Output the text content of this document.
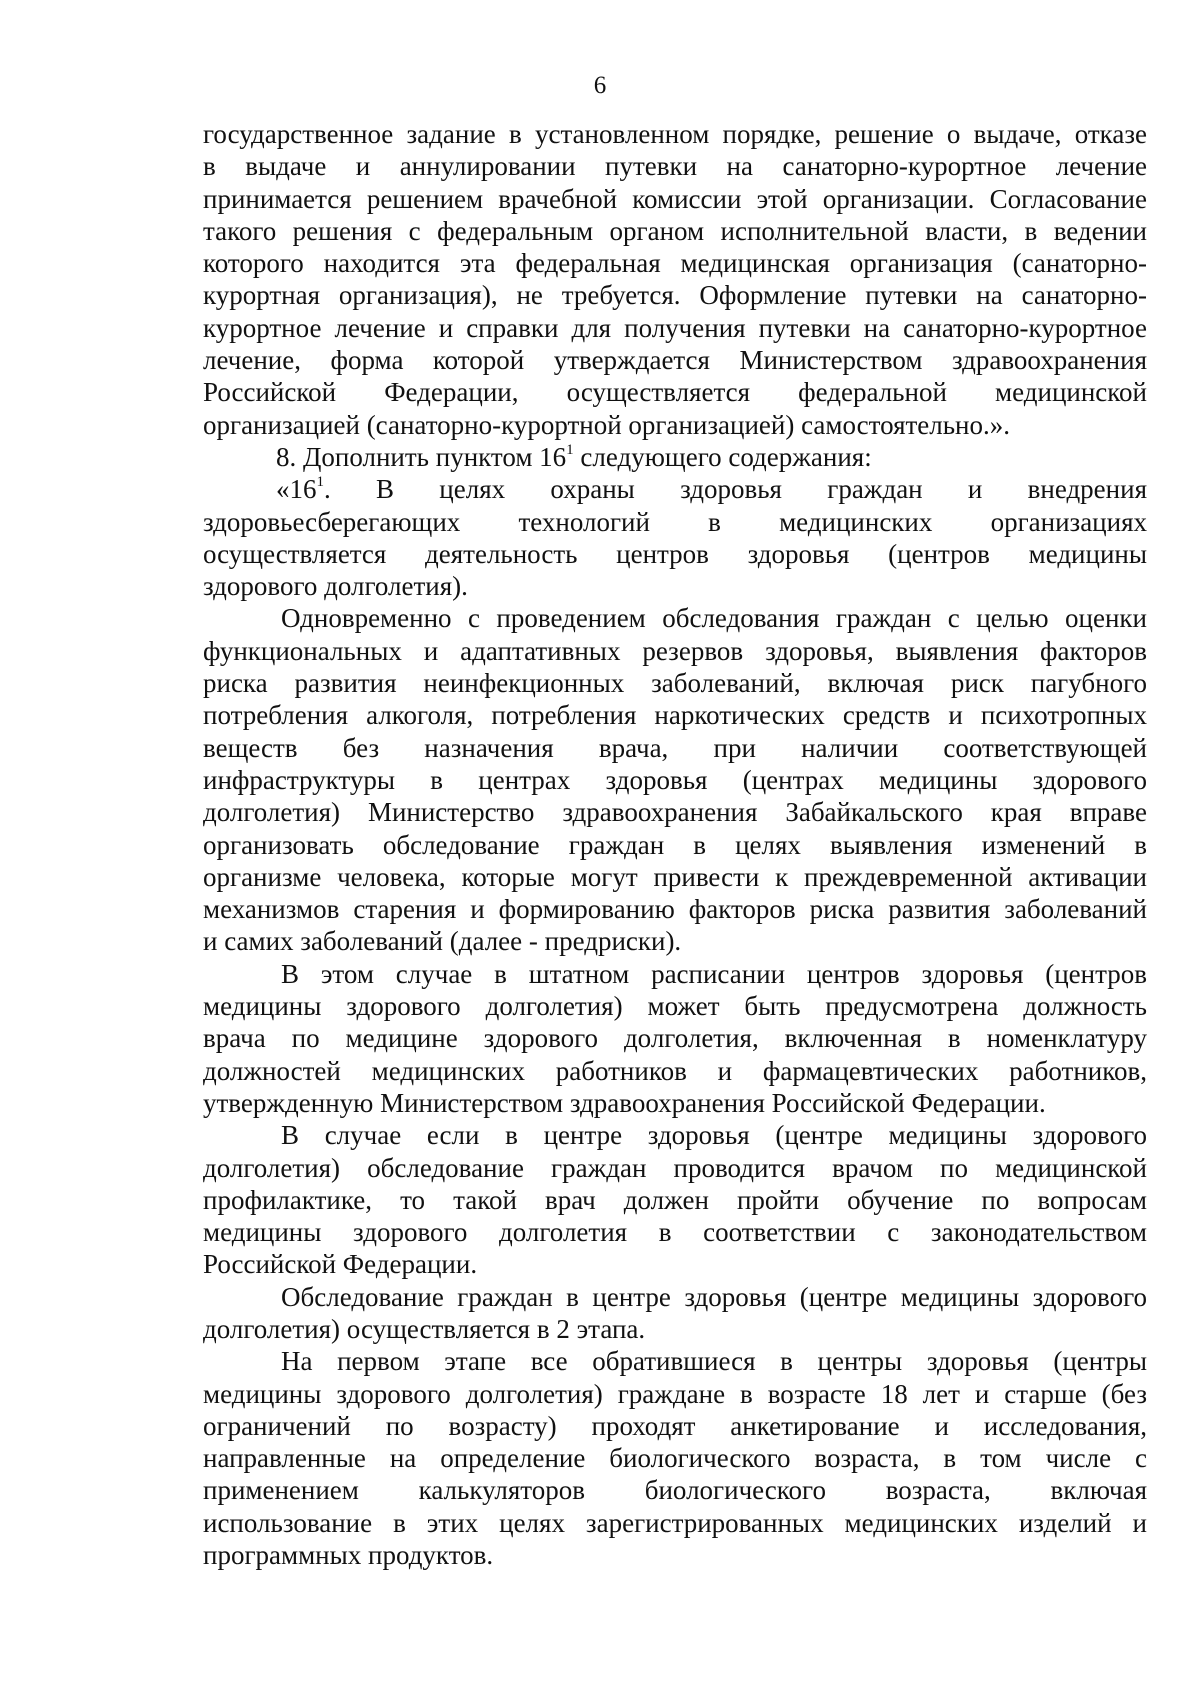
6
государственное задание в установленном порядке, решение о выдаче, отказе
в выдаче и аннулировании путевки на санаторно-курортное лечение
принимается решением врачебной комиссии этой организации. Согласование
такого решения с федеральным органом исполнительной власти, в ведении
которого находится эта федеральная медицинская организация (санаторно-
курортная организация), не требуется. Оформление путевки на санаторно-
курортное лечение и справки для получения путевки на санаторно-курортное
лечение, форма которой утверждается Министерством здравоохранения
Российской Федерации, осуществляется федеральной медицинской
организацией (санаторно-курортной организацией) самостоятельно.».
8. Дополнить пунктом $16^1$ следующего содержания:
«$16^1$. В целях охраны здоровья граждан и внедрения
здоровьесберегающих технологий в медицинских организациях
осуществляется деятельность центров здоровья (центров медицины
здорового долголетия).
Одновременно с проведением обследования граждан с целью оценки
функциональных и адаптативных резервов здоровья, выявления факторов
риска развития неинфекционных заболеваний, включая риск пагубного
потребления алкоголя, потребления наркотических средств и психотропных
веществ без назначения врача, при наличии соответствующей
инфраструктуры в центрах здоровья (центрах медицины здорового
долголетия) Министерство здравоохранения Забайкальского края вправе
организовать обследование граждан в целях выявления изменений в
организме человека, которые могут привести к преждевременной активации
механизмов старения и формированию факторов риска развития заболеваний
и самих заболеваний (далее - предриски).
В этом случае в штатном расписании центров здоровья (центров
медицины здорового долголетия) может быть предусмотрена должность
врача по медицине здорового долголетия, включенная в номенклатуру
должностей медицинских работников и фармацевтических работников,
утвержденную Министерством здравоохранения Российской Федерации.
В случае если в центре здоровья (центре медицины здорового
долголетия) обследование граждан проводится врачом по медицинской
профилактике, то такой врач должен пройти обучение по вопросам
медицины здорового долголетия в соответствии с законодательством
Российской Федерации.
Обследование граждан в центре здоровья (центре медицины здорового
долголетия) осуществляется в 2 этапа.
На первом этапе все обратившиеся в центры здоровья (центры
медицины здорового долголетия) граждане в возрасте 18 лет и старше (без
ограничений по возрасту) проходят анкетирование и исследования,
направленные на определение биологического возраста, в том числе с
применением калькуляторов биологического возраста, включая
использование в этих целях зарегистрированных медицинских изделий и
программных продуктов.
